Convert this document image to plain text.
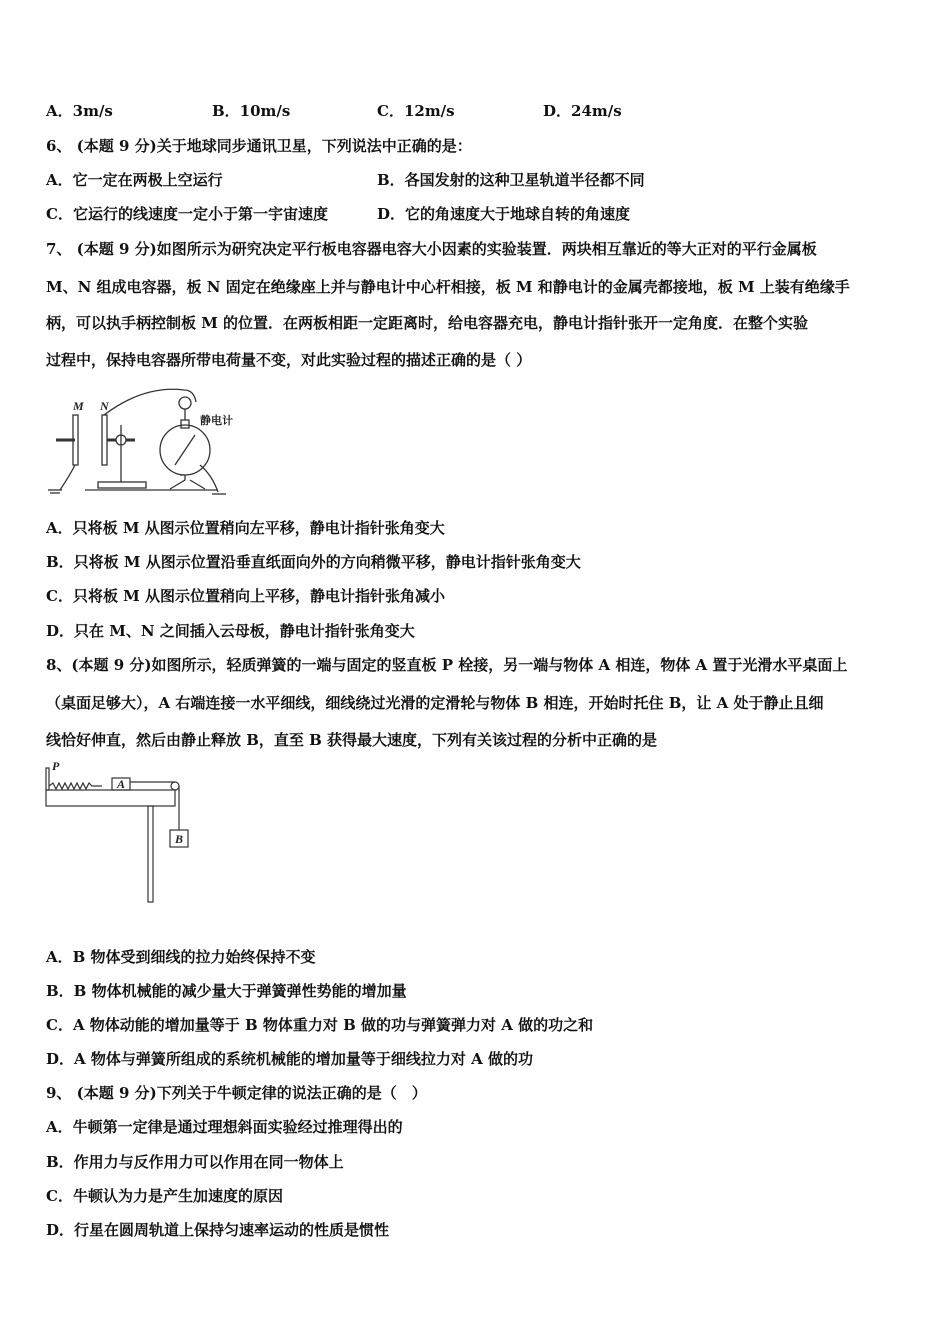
A．3m/s	B．10m/s	C．12m/s	D．24m/s
6、 (本题 9 分)关于地球同步通讯卫星，下列说法中正确的是：
A．它一定在两极上空运行	B．各国发射的这种卫星轨道半径都不同
C．它运行的线速度一定小于第一宇宙速度	D．它的角速度大于地球自转的角速度
7、 (本题 9 分)如图所示为研究决定平行板电容器电容大小因素的实验装置．两块相互靠近的等大正对的平行金属板
M、N 组成电容器，板 N 固定在绝缘座上并与静电计中心杆相接，板 M 和静电计的金属壳都接地，板 M 上装有绝缘手
柄，可以执手柄控制板 M 的位置．在两板相距一定距离时，给电容器充电，静电计指针张开一定角度．在整个实验
过程中，保持电容器所带电荷量不变，对此实验过程的描述正确的是（ ）
M N
静电计
A．只将板 M 从图示位置稍向左平移，静电计指针张角变大
B．只将板 M 从图示位置沿垂直纸面向外的方向稍微平移，静电计指针张角变大
C．只将板 M 从图示位置稍向上平移，静电计指针张角减小
D．只在 M、N 之间插入云母板，静电计指针张角变大
8、(本题 9 分)如图所示，轻质弹簧的一端与固定的竖直板 P 栓接，另一端与物体 A 相连，物体 A 置于光滑水平桌面上
（桌面足够大），A 右端连接一水平细线，细线绕过光滑的定滑轮与物体 B 相连，开始时托住 B，让 A 处于静止且细
线恰好伸直，然后由静止释放 B，直至 B 获得最大速度，下列有关该过程的分析中正确的是
P
A
B
A．B 物体受到细线的拉力始终保持不变
B．B 物体机械能的减少量大于弹簧弹性势能的增加量
C．A 物体动能的增加量等于 B 物体重力对 B 做的功与弹簧弹力对 A 做的功之和
D．A 物体与弹簧所组成的系统机械能的增加量等于细线拉力对 A 做的功
9、 (本题 9 分)下列关于牛顿定律的说法正确的是（　）
A．牛顿第一定律是通过理想斜面实验经过推理得出的
B．作用力与反作用力可以作用在同一物体上
C．牛顿认为力是产生加速度的原因
D．行星在圆周轨道上保持匀速率运动的性质是惯性
